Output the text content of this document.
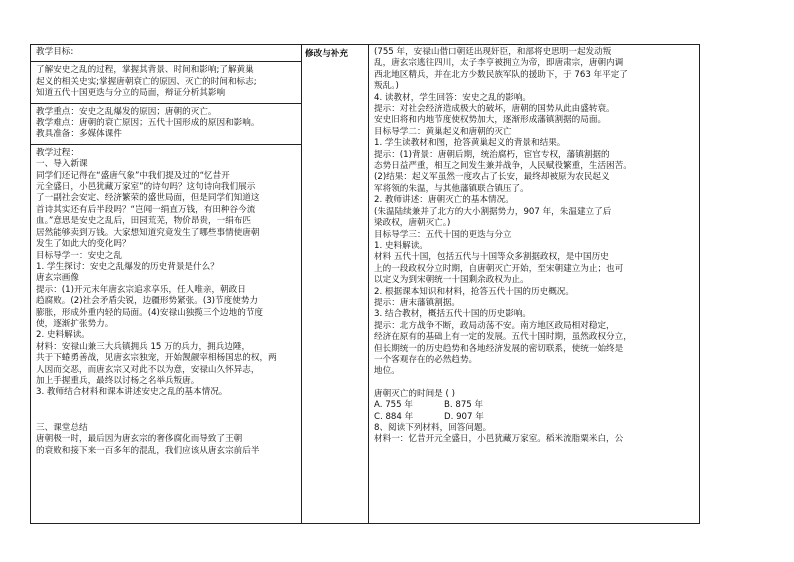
教学目标:

了解安史之乱的过程，掌握其背景、时间和影响;了解黄巢

起义的相关史实;掌握唐朝衰亡的原因、灭亡的时间和标志;

知道五代十国更迭与分立的局面，辩证分析其影响

教学重点：安史之乱爆发的原因；唐朝的灭亡。

教学难点：唐朝的衰亡原因；五代十国形成的原因和影响。

教具准备：多媒体课件

教学过程：

一、导入新课

同学们还记得在“盛唐气象”中我们提及过的“忆昔开

元全盛日，小邑犹藏万家室”的诗句吗？这句诗向我们展示

了一副社会安定、经济繁荣的盛世局面，但是同学们知道这

首诗其实还有后半段吗？“岂闻一绢直万钱，有田种谷今流

血。”意思是安史之乱后，田园荒芜，物价昂贵，一绢布匹

居然能够卖到万钱。大家想知道究竟发生了哪些事情使唐朝

发生了如此大的变化吗？

目标导学一：安史之乱

1. 学生探讨：安史之乱爆发的历史背景是什么？

唐玄宗画像

提示：(1)开元末年唐玄宗追求享乐，任人唯亲，朝政日

趋腐败。(2)社会矛盾尖锐，边疆形势紧张。(3)节度使势力

膨胀，形成外重内轻的局面。(4)安禄山独揽三个边地的节度

使，逐渐扩张势力。

2. 史料解读。

材料：安禄山兼三大兵镇拥兵 15 万的兵力，拥兵边陲，

共于下蜷勇善战，见唐玄宗独宠，开始觊觎宰相杨国忠的权，两

人因而交恶，而唐玄宗又对此不以为意，安禄山久怀异志，

加上手握重兵，最终以讨杨之名举兵叛唐。

3. 教师结合材料和课本讲述安史之乱的基本情况。

三、课堂总结

唐朝极一时，最后因为唐玄宗的奢侈腐化而导致了王朝

的衰败和接下来一百多年的混乱，我们应该从唐玄宗前后半

修改与补充	(755 年，安禄山借口朝廷出现奸臣，和部将史思明一起发动叛

乱，唐玄宗逃往四川，太子李亨被拥立为帝，即唐肃宗，唐朝内调

西北地区精兵，并在北方少数民族军队的援助下，于 763 年平定了

叛乱。)

4. 读教材，学生回答：安史之乱的影响。

提示：对社会经济造成极大的破坏，唐朝的国势从此由盛转衰。

安史旧将和内地节度使权势加大，逐渐形成藩镇割据的局面。

目标导学二：黄巢起义和唐朝的灭亡

1. 学生读教材和图，抢答黄巢起义的背景和结果。

提示：(1)背景：唐朝后期，统治腐朽，宦官专权，藩镇割据的

态势日益严重，相互之间发生兼并战争，人民赋役繁重，生活困苦。

(2)结果：起义军虽然一度攻占了长安，最终却被原为农民起义

军将领的朱温，与其他藩镇联合镇压了。

2. 教师讲述：唐朝灭亡的基本情况。

(朱温陆续兼并了北方的大小割据势力，907 年，朱温建立了后

梁政权，唐朝灭亡。)

目标导学三：五代十国的更迭与分立

1. 史料解读。

材料 五代十国，包括五代与十国等众多割据政权，是中国历史

上的一段政权分立时期，自唐朝灭亡开始，至宋朝建立为止；也可

以定义为到宋朝统一十国剩余政权为止。

2. 根据课本知识和材料，抢答五代十国的历史概况。

提示：唐末藩镇割据。

3. 结合教材，概括五代十国的历史影响。

提示：北方战争不断，政局动荡不安。南方地区政局相对稳定，

经济在原有的基础上有一定的发展。五代十国时期，虽然政权分立，

但长期统一的历史趋势和各地经济发展的密切联系，使统一始终是

一个客观存在的必然趋势。

地位。

唐朝灭亡的时间是 ( )

A. 755 年	B. 875 年

C. 884 年	D. 907 年

8、阅读下列材料，回答问题。

材料一：忆昔开元全盛日，小邑犹藏万家室。稻米流脂粟米白，公
